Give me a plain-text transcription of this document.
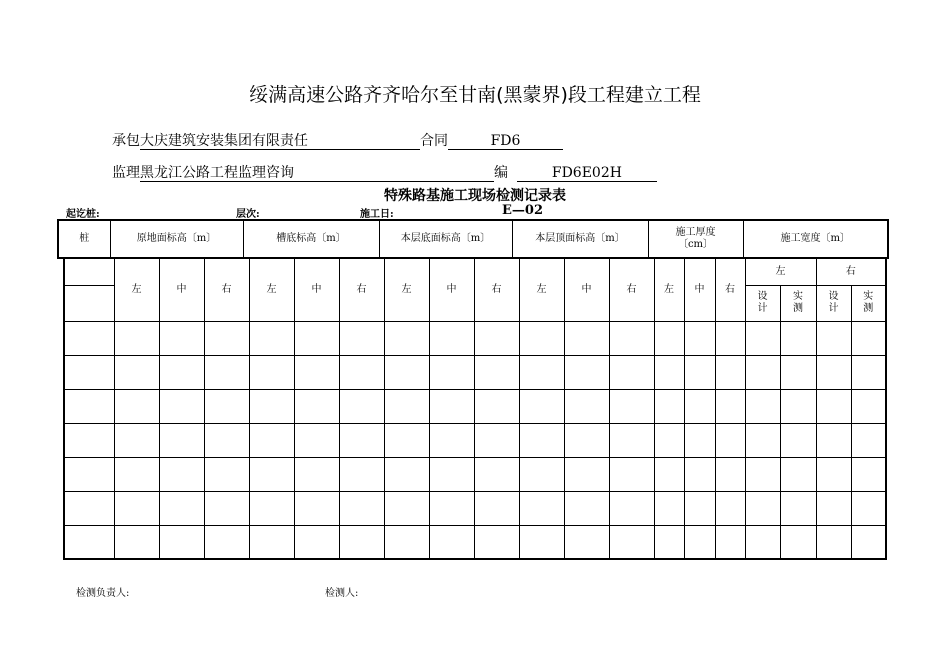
绥满高速公路齐齐哈尔至甘南(黑蒙界)段工程建立工程
承包大庆建筑安装集团有限责任	合同	FD6
监理黑龙江公路工程监理咨询	编	FD6E02H
特殊路基施工现场检测记录表
起讫桩:	层次:	施工日:	E—02
桩	原地面标高〔m〕	槽底标高〔m〕	本层底面标高〔m〕	本层顶面标高〔m〕	施工厚度〔cm〕	施工宽度〔m〕
	左	中	右	左	中	右	左	中	右	左	中	右	左	中	右	左		右	
																设计	实测	设计	实测

检测负责人:	检测人:
